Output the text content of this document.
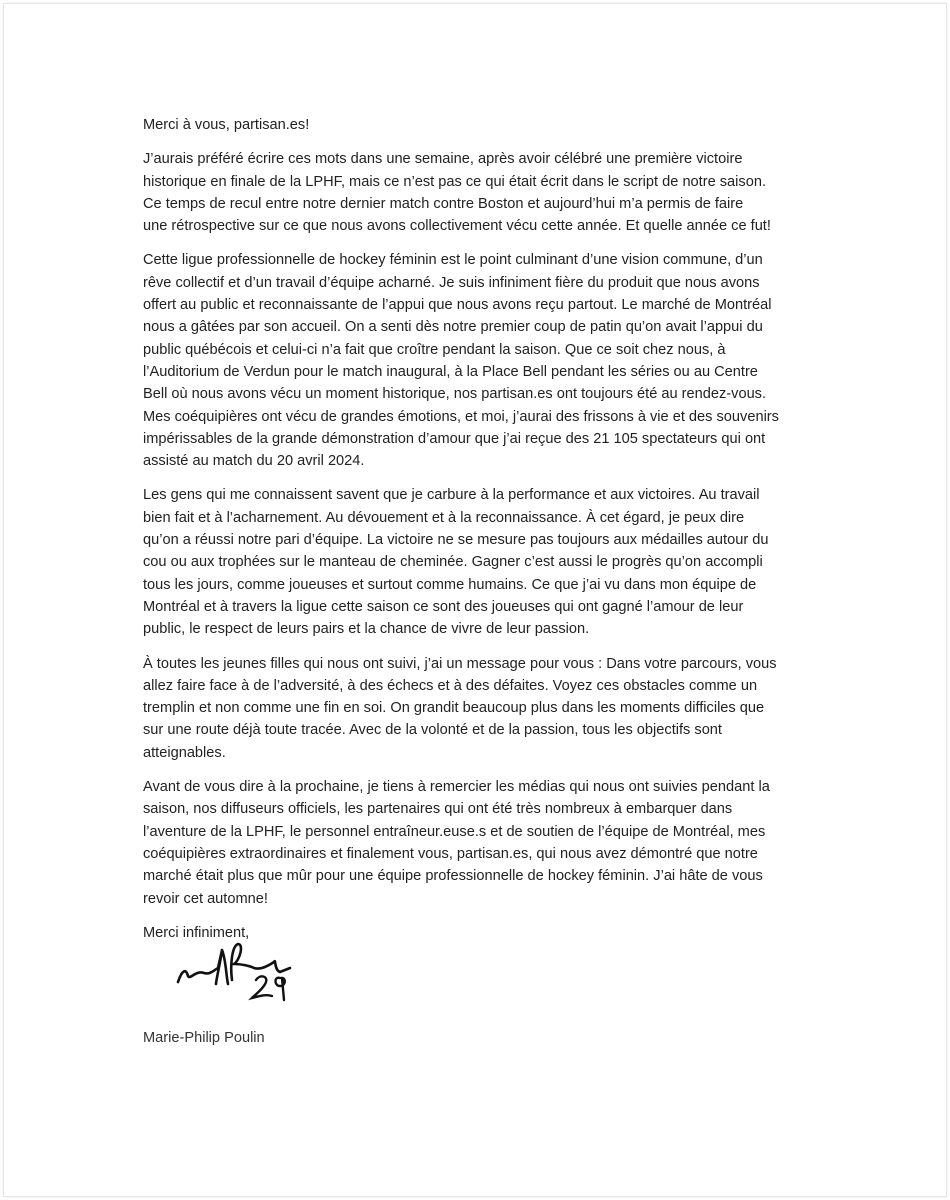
Merci à vous, partisan.es!

J’aurais préféré écrire ces mots dans une semaine, après avoir célébré une première victoire
historique en finale de la LPHF, mais ce n’est pas ce qui était écrit dans le script de notre saison.
Ce temps de recul entre notre dernier match contre Boston et aujourd’hui m’a permis de faire
une rétrospective sur ce que nous avons collectivement vécu cette année. Et quelle année ce fut!

Cette ligue professionnelle de hockey féminin est le point culminant d’une vision commune, d’un
rêve collectif et d’un travail d’équipe acharné. Je suis infiniment fière du produit que nous avons
offert au public et reconnaissante de l’appui que nous avons reçu partout. Le marché de Montréal
nous a gâtées par son accueil. On a senti dès notre premier coup de patin qu’on avait l’appui du
public québécois et celui-ci n’a fait que croître pendant la saison. Que ce soit chez nous, à
l’Auditorium de Verdun pour le match inaugural, à la Place Bell pendant les séries ou au Centre
Bell où nous avons vécu un moment historique, nos partisan.es ont toujours été au rendez-vous.
Mes coéquipières ont vécu de grandes émotions, et moi, j’aurai des frissons à vie et des souvenirs
impérissables de la grande démonstration d’amour que j’ai reçue des 21 105 spectateurs qui ont
assisté au match du 20 avril 2024.

Les gens qui me connaissent savent que je carbure à la performance et aux victoires. Au travail
bien fait et à l’acharnement. Au dévouement et à la reconnaissance. À cet égard, je peux dire
qu’on a réussi notre pari d’équipe. La victoire ne se mesure pas toujours aux médailles autour du
cou ou aux trophées sur le manteau de cheminée. Gagner c’est aussi le progrès qu’on accompli
tous les jours, comme joueuses et surtout comme humains. Ce que j’ai vu dans mon équipe de
Montréal et à travers la ligue cette saison ce sont des joueuses qui ont gagné l’amour de leur
public, le respect de leurs pairs et la chance de vivre de leur passion.

À toutes les jeunes filles qui nous ont suivi, j’ai un message pour vous : Dans votre parcours, vous
allez faire face à de l’adversité, à des échecs et à des défaites. Voyez ces obstacles comme un
tremplin et non comme une fin en soi. On grandit beaucoup plus dans les moments difficiles que
sur une route déjà toute tracée. Avec de la volonté et de la passion, tous les objectifs sont
atteignables.

Avant de vous dire à la prochaine, je tiens à remercier les médias qui nous ont suivies pendant la
saison, nos diffuseurs officiels, les partenaires qui ont été très nombreux à embarquer dans
l’aventure de la LPHF, le personnel entraîneur.euse.s et de soutien de l’équipe de Montréal, mes
coéquipières extraordinaires et finalement vous, partisan.es, qui nous avez démontré que notre
marché était plus que mûr pour une équipe professionnelle de hockey féminin. J’ai hâte de vous
revoir cet automne!

Merci infiniment,

Marie-Philip Poulin
